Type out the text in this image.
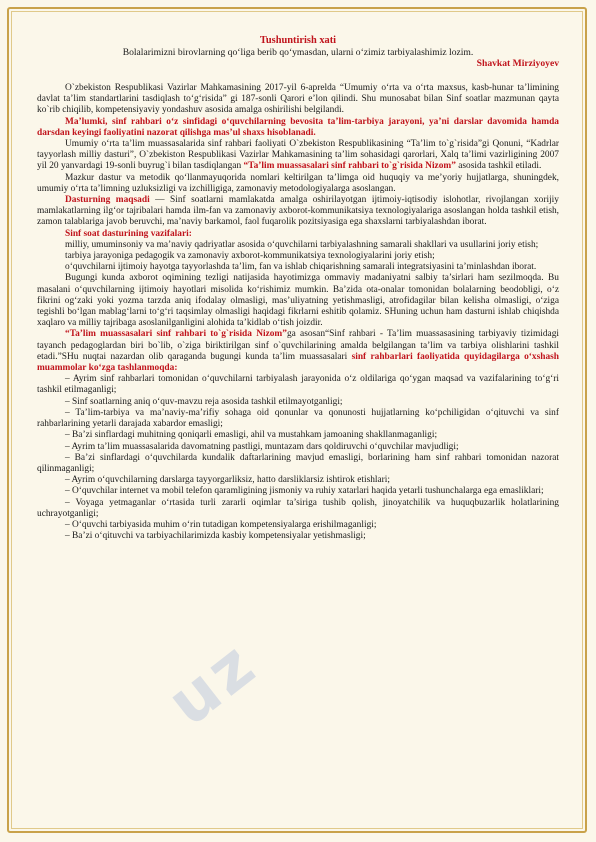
Tushuntirish xati
Bolalarimizni birovlarning qo‘liga berib qo‘ymasdan, ularni o‘zimiz tarbiyalashimiz lozim.
Shavkat Mirziyoyev

O`zbekiston Respublikasi Vazirlar Mahkamasining 2017-yil 6-aprelda “Umumiy o‘rta va o‘rta maxsus, kasb-hunar ta’limining davlat ta’lim standartlarini tasdiqlash to‘g‘risida” gi 187-sonli Qarori e’lon qilindi. Shu munosabat bilan Sinf soatlar mazmunan qayta ko`rib chiqilib, kompetensiyaviy yondashuv asosida amalga oshirilishi belgilandi.

Ma’lumki, sinf rahbari o‘z sinfidagi o‘quvchilarning bevosita ta’lim-tarbiya jarayoni, ya’ni darslar davomida hamda darsdan keyingi faoliyatini nazorat qilishga mas’ul shaxs hisoblanadi.

Umumiy o‘rta ta’lim muassasalarida sinf rahbari faoliyati O`zbekiston Respublikasining “Ta’lim to`g`risida”gi Qonuni, “Kadrlar tayyorlash milliy dasturi”, O`zbekiston Respublikasi Vazirlar Mahkamasining ta’lim sohasidagi qarorlari, Xalq ta’limi vazirligining 2007 yil 20 yanvardagi 19-sonli buyrug`i bilan tasdiqlangan “Ta’lim muassasalari sinf rahbari to`g`risida Nizom” asosida tashkil etiladi.

Mazkur dastur va metodik qo‘llanmayuqorida nomlari keltirilgan ta’limga oid huquqiy va me’yoriy hujjatlarga, shuningdek, umumiy o‘rta ta’limning uzluksizligi va izchilligiga, zamonaviy metodologiyalarga asoslangan.

Dasturning maqsadi — Sinf soatlarni mamlakatda amalga oshirilayotgan ijtimoiy-iqtisodiy islohotlar, rivojlangan xorijiy mamlakatlarning ilg‘or tajribalari hamda ilm-fan va zamonaviy axborot-kommunikatsiya texnologiyalariga asoslangan holda tashkil etish, zamon talablariga javob beruvchi, ma’naviy barkamol, faol fuqarolik pozitsiyasiga ega shaxslarni tarbiyalashdan iborat.

Sinf soat dasturining vazifalari:

milliy, umuminsoniy va ma’naviy qadriyatlar asosida o‘quvchilarni tarbiyalashning samarali shakllari va usullarini joriy etish;

tarbiya jarayoniga pedagogik va zamonaviy axborot-kommunikatsiya texnologiyalarini joriy etish;

o‘quvchilarni ijtimoiy hayotga tayyorlashda ta’lim, fan va ishlab chiqarishning samarali integratsiyasini ta’minlashdan iborat.

Bugungi kunda axborot oqimining tezligi natijasida hayotimizga ommaviy madaniyatni salbiy ta’sirlari ham sezilmoqda. Bu masalani o‘quvchilarning ijtimoiy hayotlari misolida ko‘rishimiz mumkin. Ba’zida ota-onalar tomonidan bolalarning beodobligi, o‘z fikrini og‘zaki yoki yozma tarzda aniq ifodalay olmasligi, mas’uliyatning yetishmasligi, atrofidagilar bilan kelisha olmasligi, o‘ziga tegishli bo‘lgan mablag‘larni to‘g‘ri taqsimlay olmasligi haqidagi fikrlarni eshitib qolamiz. SHuning uchun ham dasturni ishlab chiqishda xaqlaro va milliy tajribaga asoslanilganligini alohida ta’kidlab o‘tish joizdir.

“Ta’lim muassasalari sinf rahbari to`g`risida Nizom”ga asosan“Sinf rahbari - Ta’lim muassasasining tarbiyaviy tizimidagi tayanch pedagoglardan biri bo`lib, o`ziga biriktirilgan sinf o`quvchilarining amalda belgilangan ta’lim va tarbiya olishlarini tashkil etadi.”SHu nuqtai nazardan olib qaraganda bugungi kunda ta’lim muassasalari sinf rahbarlari faoliyatida quyidagilarga o‘xshash muammolar ko‘zga tashlanmoqda:

– Ayrim sinf rahbarlari tomonidan o‘quvchilarni tarbiyalash jarayonida o‘z oldilariga qo‘ygan maqsad va vazifalarining to‘g‘ri tashkil etilmaganligi;

– Sinf soatlarning aniq o‘quv-mavzu reja asosida tashkil etilmayotganligi;

– Ta’lim-tarbiya va ma’naviy-ma’rifiy sohaga oid qonunlar va qonunosti hujjatlarning ko‘pchiligidan o‘qituvchi va sinf rahbarlarining yetarli darajada xabardor emasligi;

– Ba’zi sinflardagi muhitning qoniqarli emasligi, ahil va mustahkam jamoaning shakllanmaganligi;

– Ayrim ta’lim muassasalarida davomatning pastligi, muntazam dars qoldiruvchi o‘quvchilar mavjudligi;

– Ba’zi sinflardagi o‘quvchilarda kundalik daftarlarining mavjud emasligi, borlarining ham sinf rahbari tomonidan nazorat qilinmaganligi;

– Ayrim o‘quvchilarning darslarga tayyorgarliksiz, hatto darsliklarsiz ishtirok etishlari;

– O‘quvchilar internet va mobil telefon qaramligining jismoniy va ruhiy xatarlari haqida yetarli tushunchalarga ega emasliklari;

– Voyaga yetmaganlar o‘rtasida turli zararli oqimlar ta’siriga tushib qolish, jinoyatchilik va huquqbuzarlik holatlarining uchrayotganligi;

– O‘quvchi tarbiyasida muhim o‘rin tutadigan kompetensiyalarga erishilmaganligi;

– Ba’zi o‘qituvchi va tarbiyachilarimizda kasbiy kompetensiyalar yetishmasligi;

uz
